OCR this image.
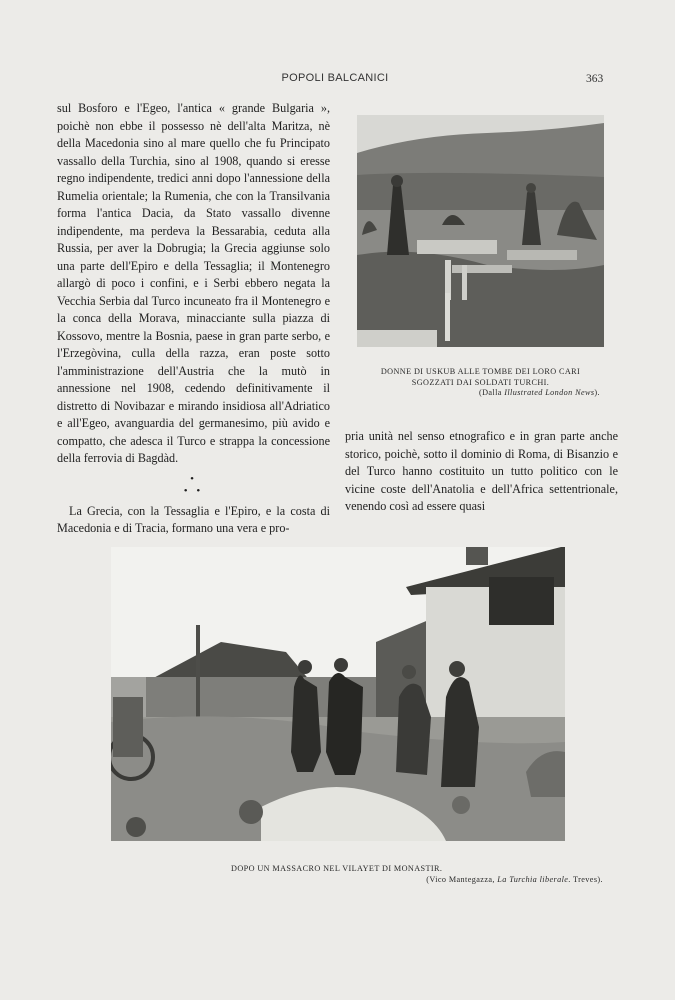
POPOLI BALCANICI	363

sul Bosforo e l'Egeo, l'antica « grande Bulgaria », poichè non ebbe il possesso nè dell'alta Maritza, nè della Macedonia sino al mare quello che fu Principato vassallo della Turchia, sino al 1908, quando si eresse regno indipendente, tredici anni dopo l'annessione della Rumelia orientale; la Rumenia, che con la Transilvania forma l'antica Dacia, da Stato vassallo divenne indipendente, ma perdeva la Bessarabia, ceduta alla Russia, per aver la Dobrugia; la Grecia aggiunse solo una parte dell'Epiro e della Tessaglia; il Montenegro allargò di poco i confini, e i Serbi ebbero negata la Vecchia Serbia dal Turco incuneato fra il Montenegro e la conca della Morava, minacciante sulla piazza di Kossovo, mentre la Bosnia, paese in gran parte serbo, e l'Erzegòvina, culla della razza, eran poste sotto l'amministrazione dell'Austria che la mutò in annessione nel 1908, cedendo definitivamente il distretto di Novibazar e mirando insidiosa all'Adriatico e all'Egeo, avanguardia del germanesimo, più avido e compatto, che adesca il Turco e strappa la concessione della ferrovia di Bagdàd.

•
• •

La Grecia, con la Tessaglia e l'Epiro, e la costa di Macedonia e di Tracia, formano una vera e pro-

pria unità nel senso etnografico e in gran parte anche storico, poichè, sotto il dominio di Roma, di Bisanzio e del Turco hanno costituito un tutto politico con le vicine coste dell'Anatolia e dell'Africa settentrionale, venendo così ad essere quasi

DONNE DI USKUB ALLE TOMBE DEI LORO CARI
SGOZZATI DAI SOLDATI TURCHI.
(Dalla Illustrated London News).
DOPO UN MASSACRO NEL VILAYET DI MONASTIR.
(Vico Mantegazza, La Turchia liberale. Treves).
